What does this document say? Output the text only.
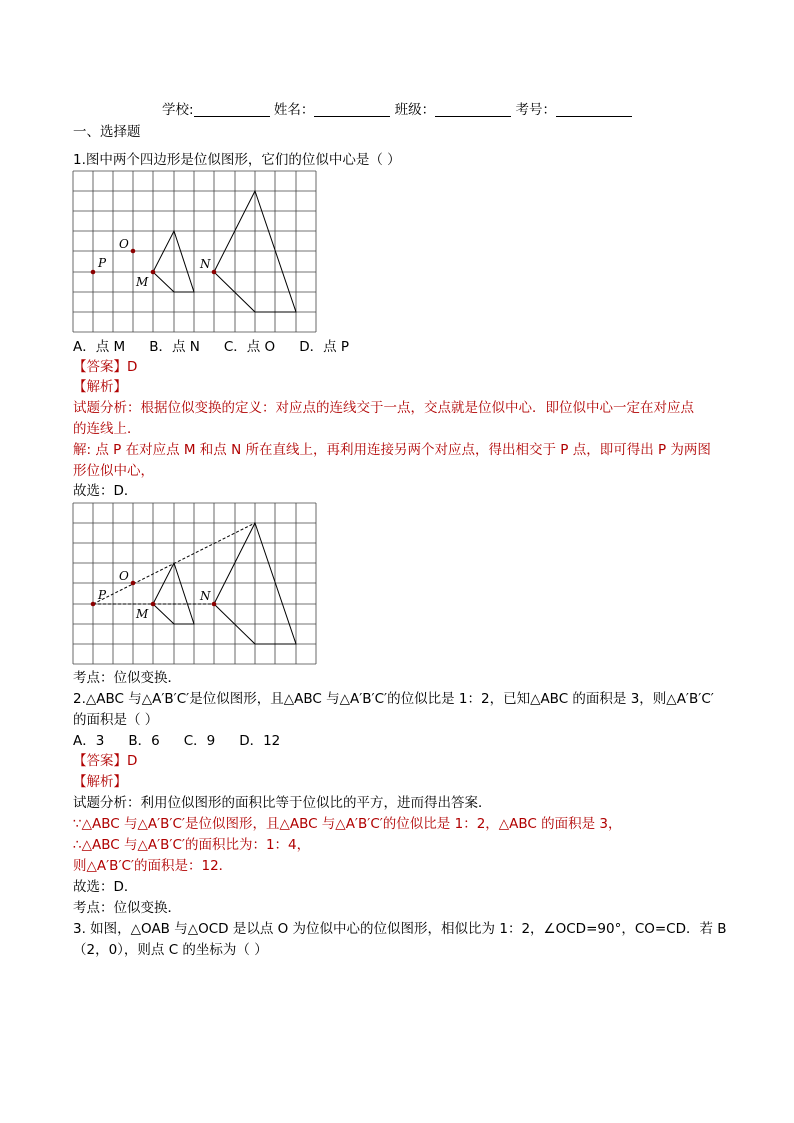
学校:	姓名：	班级：	考号：
一、选择题
1.图中两个四边形是位似图形，它们的位似中心是（ ）
O
P
M
N
A．点 M B．点 N C．点 O D．点 P
【答案】D
【解析】
试题分析：根据位似变换的定义：对应点的连线交于一点，交点就是位似中心．即位似中心一定在对应点
的连线上．
解: 点 P 在对应点 M 和点 N 所在直线上，再利用连接另两个对应点，得出相交于 P 点，即可得出 P 为两图
形位似中心，
故选：D．
O
P
M
N
考点：位似变换．
2.△ABC 与△A′B′C′是位似图形，且△ABC 与△A′B′C′的位似比是 1：2，已知△ABC 的面积是 3，则△A′B′C′
的面积是（ ）
A．3 B．6 C．9 D．12
【答案】D
【解析】
试题分析：利用位似图形的面积比等于位似比的平方，进而得出答案．
∵△ABC 与△A′B′C′是位似图形，且△ABC 与△A′B′C′的位似比是 1：2，△ABC 的面积是 3，
∴△ABC 与△A′B′C′的面积比为：1：4，
则△A′B′C′的面积是：12．
故选：D．
考点：位似变换．
3. 如图，△OAB 与△OCD 是以点 O 为位似中心的位似图形，相似比为 1：2，∠OCD=90°，CO=CD．若 B
（2，0），则点 C 的坐标为（ ）
